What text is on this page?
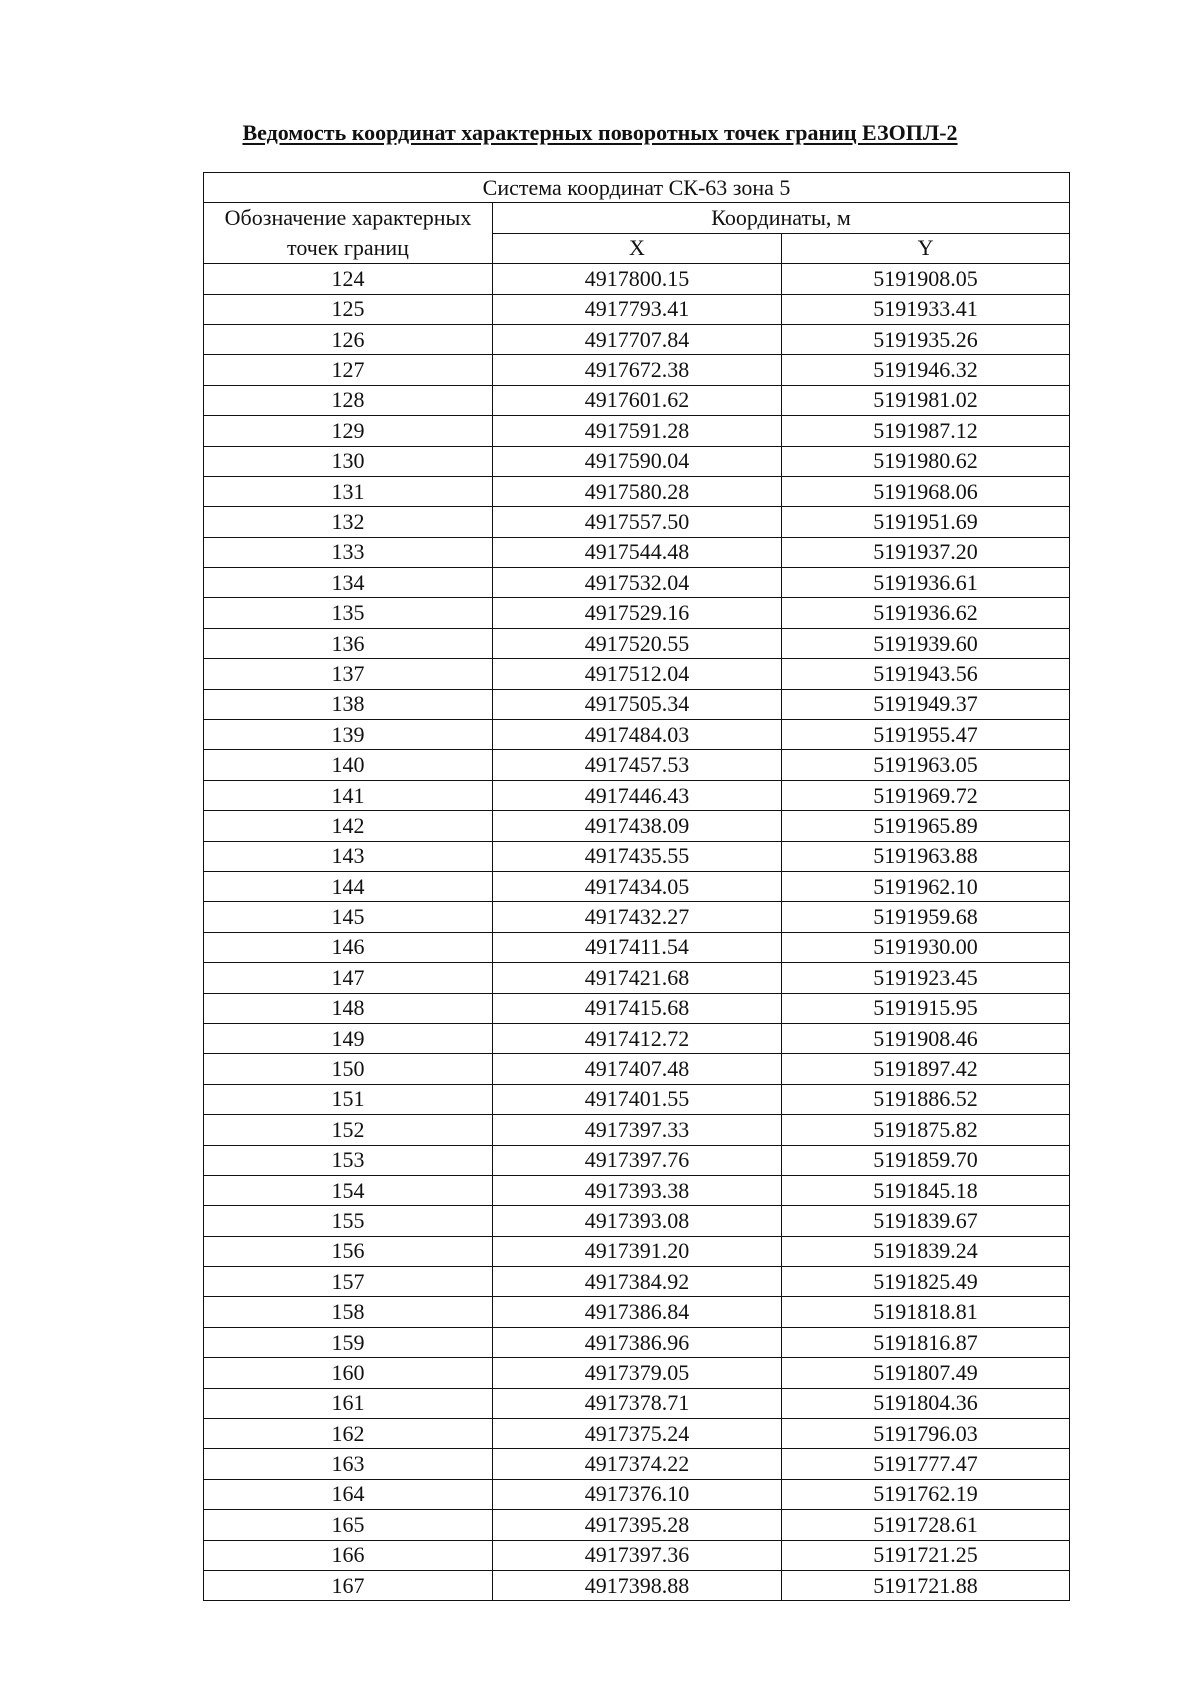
Ведомость координат характерных поворотных точек границ ЕЗОПЛ-2
Система координат СК-63 зона 5		
Обозначение характерных	Координаты, м	
точек границ	X	Y
124	4917800.15	5191908.05
125	4917793.41	5191933.41
126	4917707.84	5191935.26
127	4917672.38	5191946.32
128	4917601.62	5191981.02
129	4917591.28	5191987.12
130	4917590.04	5191980.62
131	4917580.28	5191968.06
132	4917557.50	5191951.69
133	4917544.48	5191937.20
134	4917532.04	5191936.61
135	4917529.16	5191936.62
136	4917520.55	5191939.60
137	4917512.04	5191943.56
138	4917505.34	5191949.37
139	4917484.03	5191955.47
140	4917457.53	5191963.05
141	4917446.43	5191969.72
142	4917438.09	5191965.89
143	4917435.55	5191963.88
144	4917434.05	5191962.10
145	4917432.27	5191959.68
146	4917411.54	5191930.00
147	4917421.68	5191923.45
148	4917415.68	5191915.95
149	4917412.72	5191908.46
150	4917407.48	5191897.42
151	4917401.55	5191886.52
152	4917397.33	5191875.82
153	4917397.76	5191859.70
154	4917393.38	5191845.18
155	4917393.08	5191839.67
156	4917391.20	5191839.24
157	4917384.92	5191825.49
158	4917386.84	5191818.81
159	4917386.96	5191816.87
160	4917379.05	5191807.49
161	4917378.71	5191804.36
162	4917375.24	5191796.03
163	4917374.22	5191777.47
164	4917376.10	5191762.19
165	4917395.28	5191728.61
166	4917397.36	5191721.25
167	4917398.88	5191721.88
